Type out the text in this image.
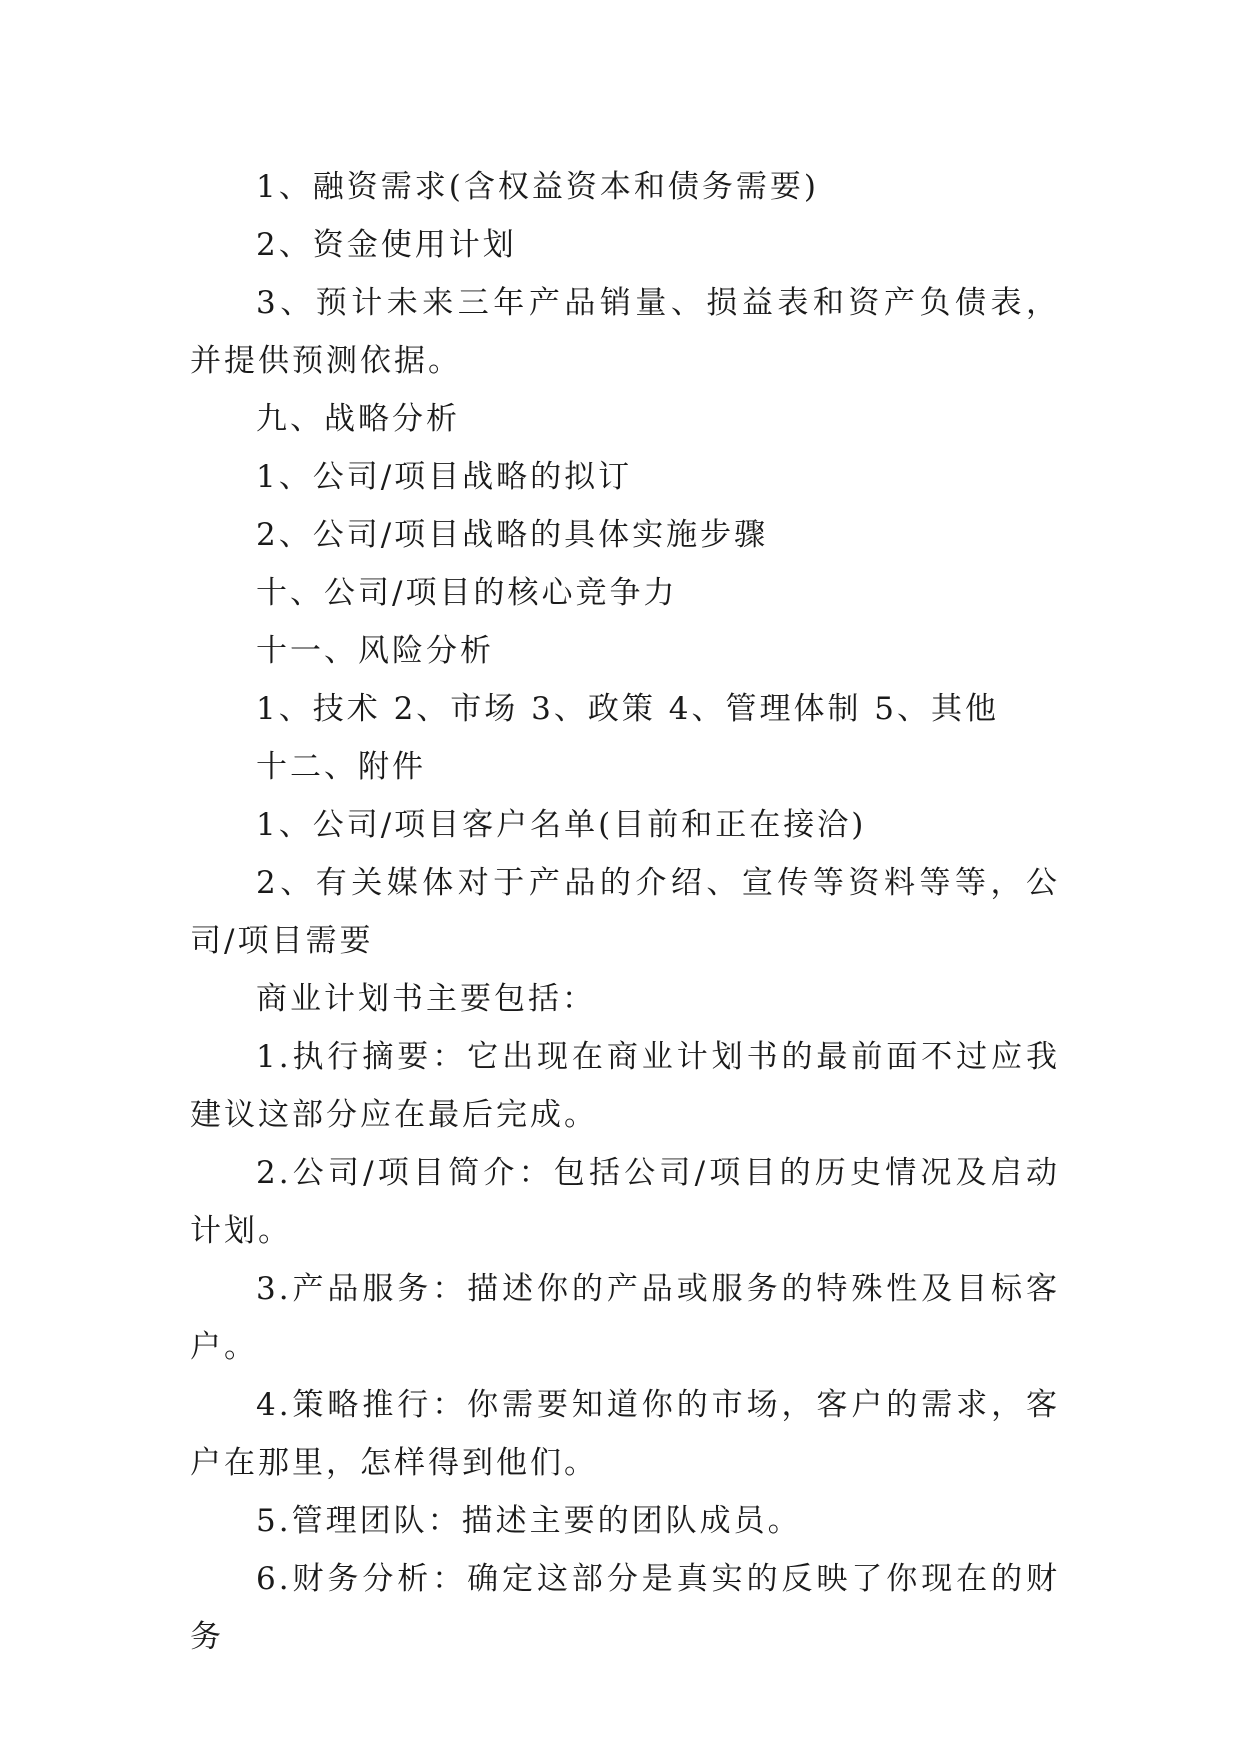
1、融资需求(含权益资本和债务需要)

2、资金使用计划

3、预计未来三年产品销量、损益表和资产负债表，并提供预测依据。

九、战略分析

1、公司/项目战略的拟订

2、公司/项目战略的具体实施步骤

十、公司/项目的核心竞争力

十一、风险分析

1、技术 2、市场 3、政策 4、管理体制 5、其他

十二、附件

1、公司/项目客户名单(目前和正在接洽)

2、有关媒体对于产品的介绍、宣传等资料等等，公司/项目需要

商业计划书主要包括：

1.执行摘要：它出现在商业计划书的最前面不过应我建议这部分应在最后完成。

2.公司/项目简介：包括公司/项目的历史情况及启动计划。

3.产品服务：描述你的产品或服务的特殊性及目标客户。

4.策略推行：你需要知道你的市场，客户的需求，客户在那里，怎样得到他们。

5.管理团队：描述主要的团队成员。

6.财务分析：确定这部分是真实的反映了你现在的财务
